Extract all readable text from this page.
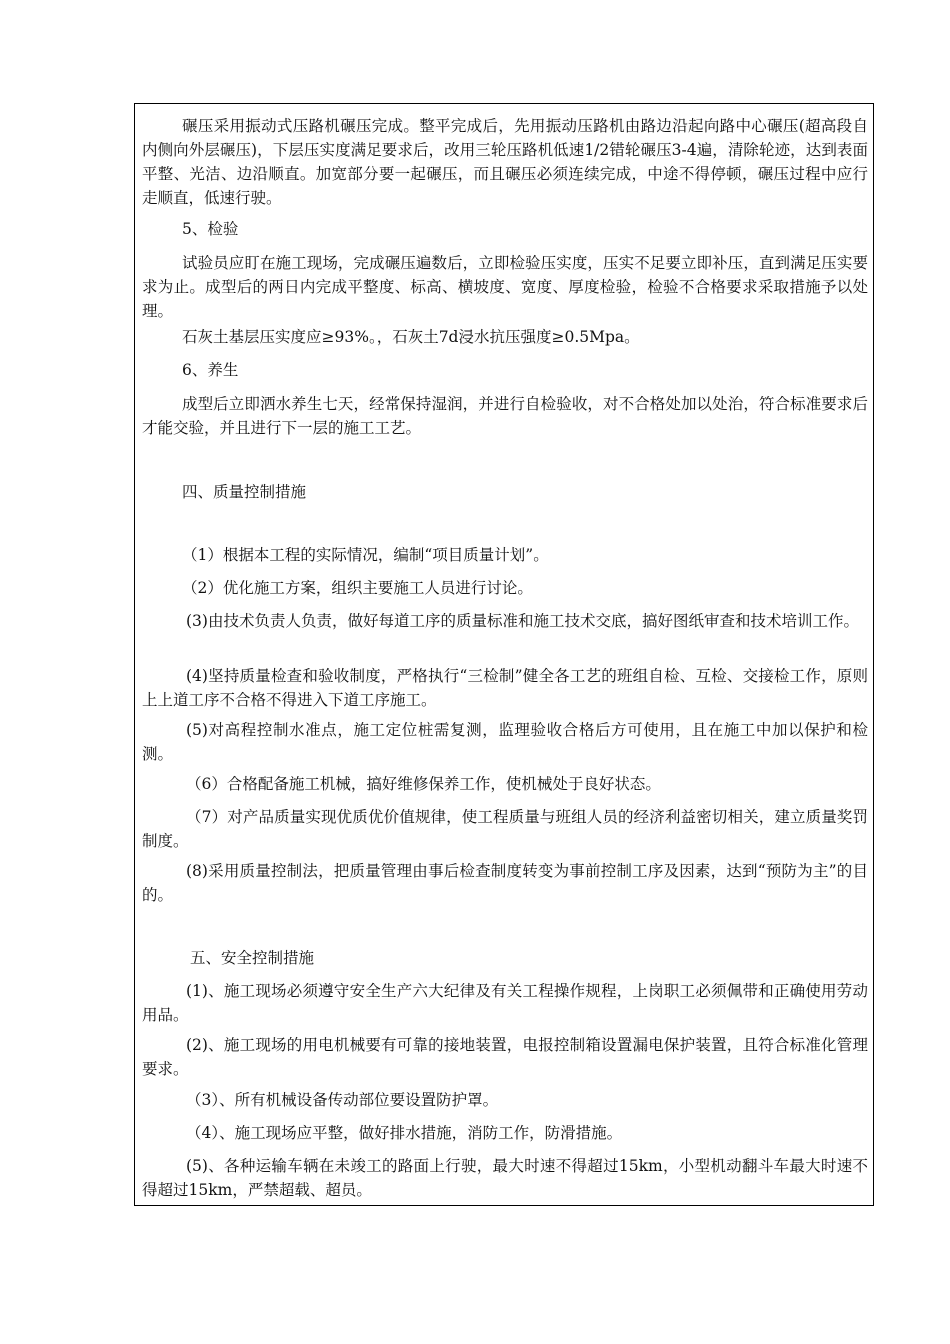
碾压采用振动式压路机碾压完成。整平完成后，先用振动压路机由路边沿起向路中心碾压(超高段自内侧向外层碾压)，下层压实度满足要求后，改用三轮压路机低速1/2错轮碾压3-4遍，清除轮迹，达到表面平整、光洁、边沿顺直。加宽部分要一起碾压，而且碾压必须连续完成，中途不得停顿，碾压过程中应行走顺直，低速行驶。

5、检验

试验员应盯在施工现场，完成碾压遍数后，立即检验压实度，压实不足要立即补压，直到满足压实要求为止。成型后的两日内完成平整度、标高、横坡度、宽度、厚度检验，检验不合格要求采取措施予以处理。

石灰土基层压实度应≥93%。，石灰土7d浸水抗压强度≥0.5Mpa。

6、养生

成型后立即洒水养生七天，经常保持湿润，并进行自检验收，对不合格处加以处治，符合标准要求后才能交验，并且进行下一层的施工工艺。

四、质量控制措施

（1）根据本工程的实际情况，编制“项目质量计划”。

（2）优化施工方案，组织主要施工人员进行讨论。

(3)由技术负责人负责，做好每道工序的质量标准和施工技术交底，搞好图纸审查和技术培训工作。

(4)坚持质量检查和验收制度，严格执行“三检制”健全各工艺的班组自检、互检、交接检工作，原则上上道工序不合格不得进入下道工序施工。

(5)对高程控制水准点，施工定位桩需复测，监理验收合格后方可使用，且在施工中加以保护和检测。

（6）合格配备施工机械，搞好维修保养工作，使机械处于良好状态。

（7）对产品质量实现优质优价值规律，使工程质量与班组人员的经济利益密切相关，建立质量奖罚制度。

(8)采用质量控制法，把质量管理由事后检查制度转变为事前控制工序及因素，达到“预防为主”的目的。

五、安全控制措施

(1)、施工现场必须遵守安全生产六大纪律及有关工程操作规程，上岗职工必须佩带和正确使用劳动用品。

(2)、施工现场的用电机械要有可靠的接地装置，电报控制箱设置漏电保护装置，且符合标准化管理要求。

（3）、所有机械设备传动部位要设置防护罩。

（4）、施工现场应平整，做好排水措施，消防工作，防滑措施。

(5)、各种运输车辆在未竣工的路面上行驶，最大时速不得超过15km，小型机动翻斗车最大时速不得超过15km，严禁超载、超员。
